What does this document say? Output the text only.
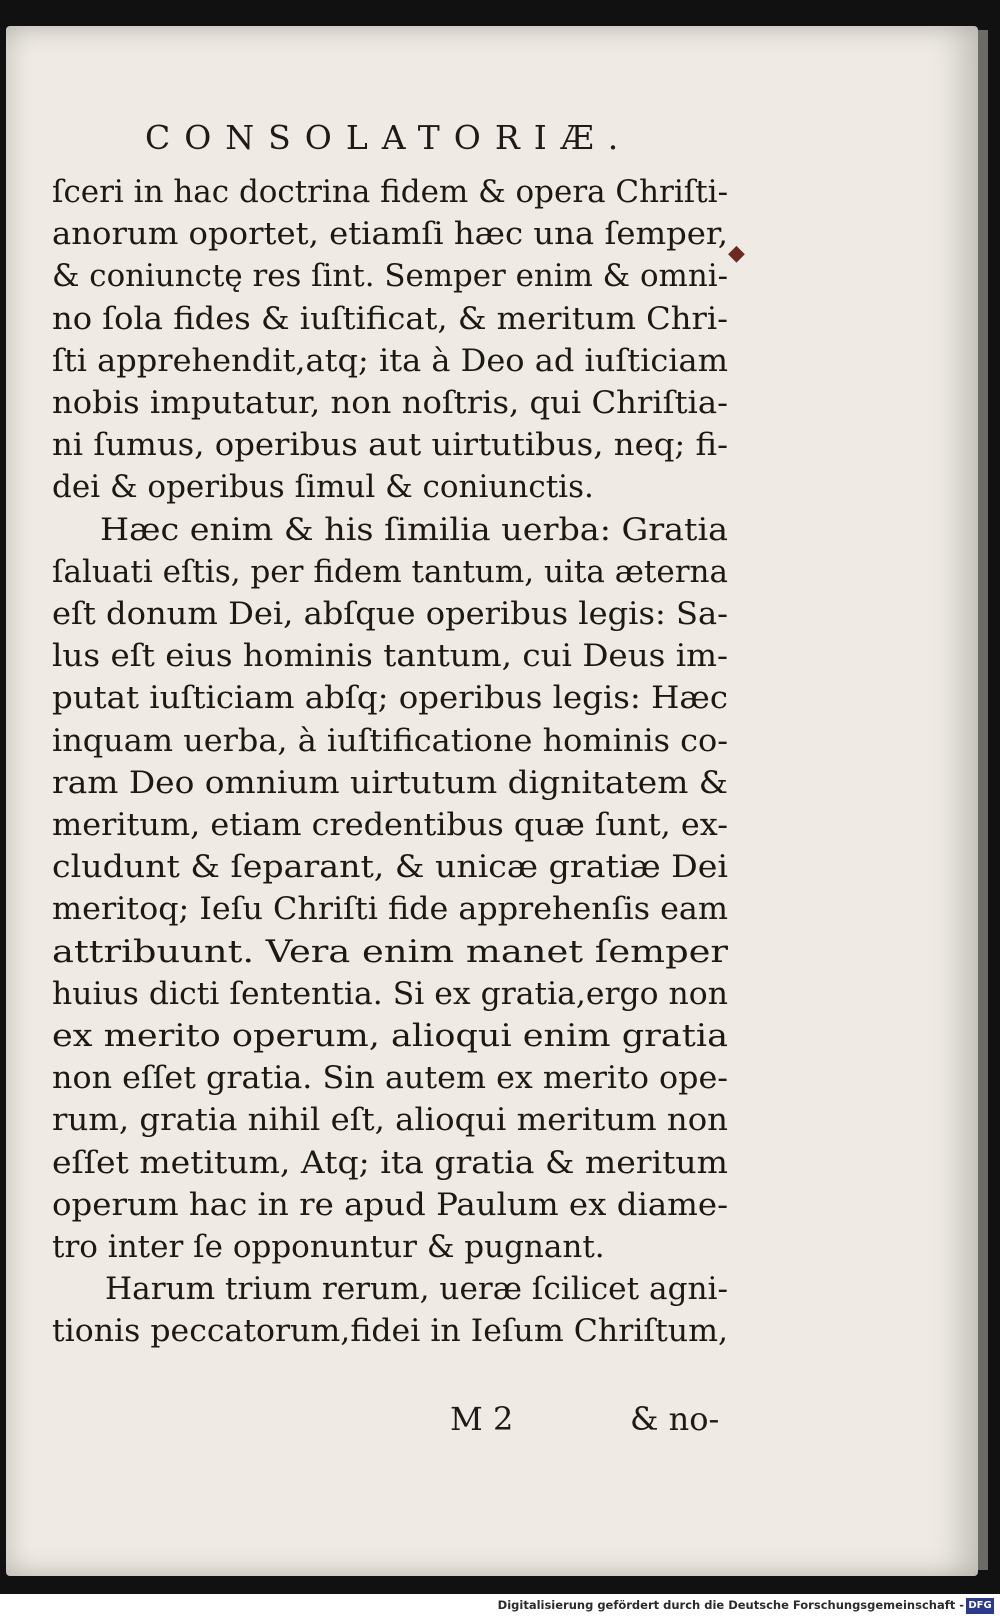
CONSOLATORIÆ.
ſceri in hac doctrina fidem & opera Chriſti-
anorum oportet, etiamſi hæc una ſemper,
& coniunctę res ſint. Semper enim & omni-
no ſola fides & iuſtificat, & meritum Chri-
ſti apprehendit,atq; ita à Deo ad iuſticiam
nobis imputatur, non noſtris, qui Chriſtia-
ni ſumus, operibus aut uirtutibus, neq; fi-
dei & operibus ſimul & coniunctis.
Hæc enim & his ſimilia uerba: Gratia
ſaluati eſtis, per fidem tantum, uita æterna
eſt donum Dei, abſque operibus legis: Sa-
lus eſt eius hominis tantum, cui Deus im-
putat iuſticiam abſq; operibus legis: Hæc
inquam uerba, à iuſtificatione hominis co-
ram Deo omnium uirtutum dignitatem &
meritum, etiam credentibus quæ ſunt, ex-
cludunt & ſeparant, & unicæ gratiæ Dei
meritoq; Ieſu Chriſti fide apprehenſis eam
attribuunt. Vera enim manet ſemper
huius dicti ſententia. Si ex gratia,ergo non
ex merito operum, alioqui enim gratia
non eſſet gratia. Sin autem ex merito ope-
rum, gratia nihil eſt, alioqui meritum non
eſſet metitum, Atq; ita gratia & meritum
operum hac in re apud Paulum ex diame-
tro inter ſe opponuntur & pugnant.
Harum trium rerum, ueræ ſcilicet agni-
tionis peccatorum,fidei in Ieſum Chriſtum,
◆
M 2	& no-
Digitalisierung gefördert durch die Deutsche Forschungsgemeinschaft - DFG
